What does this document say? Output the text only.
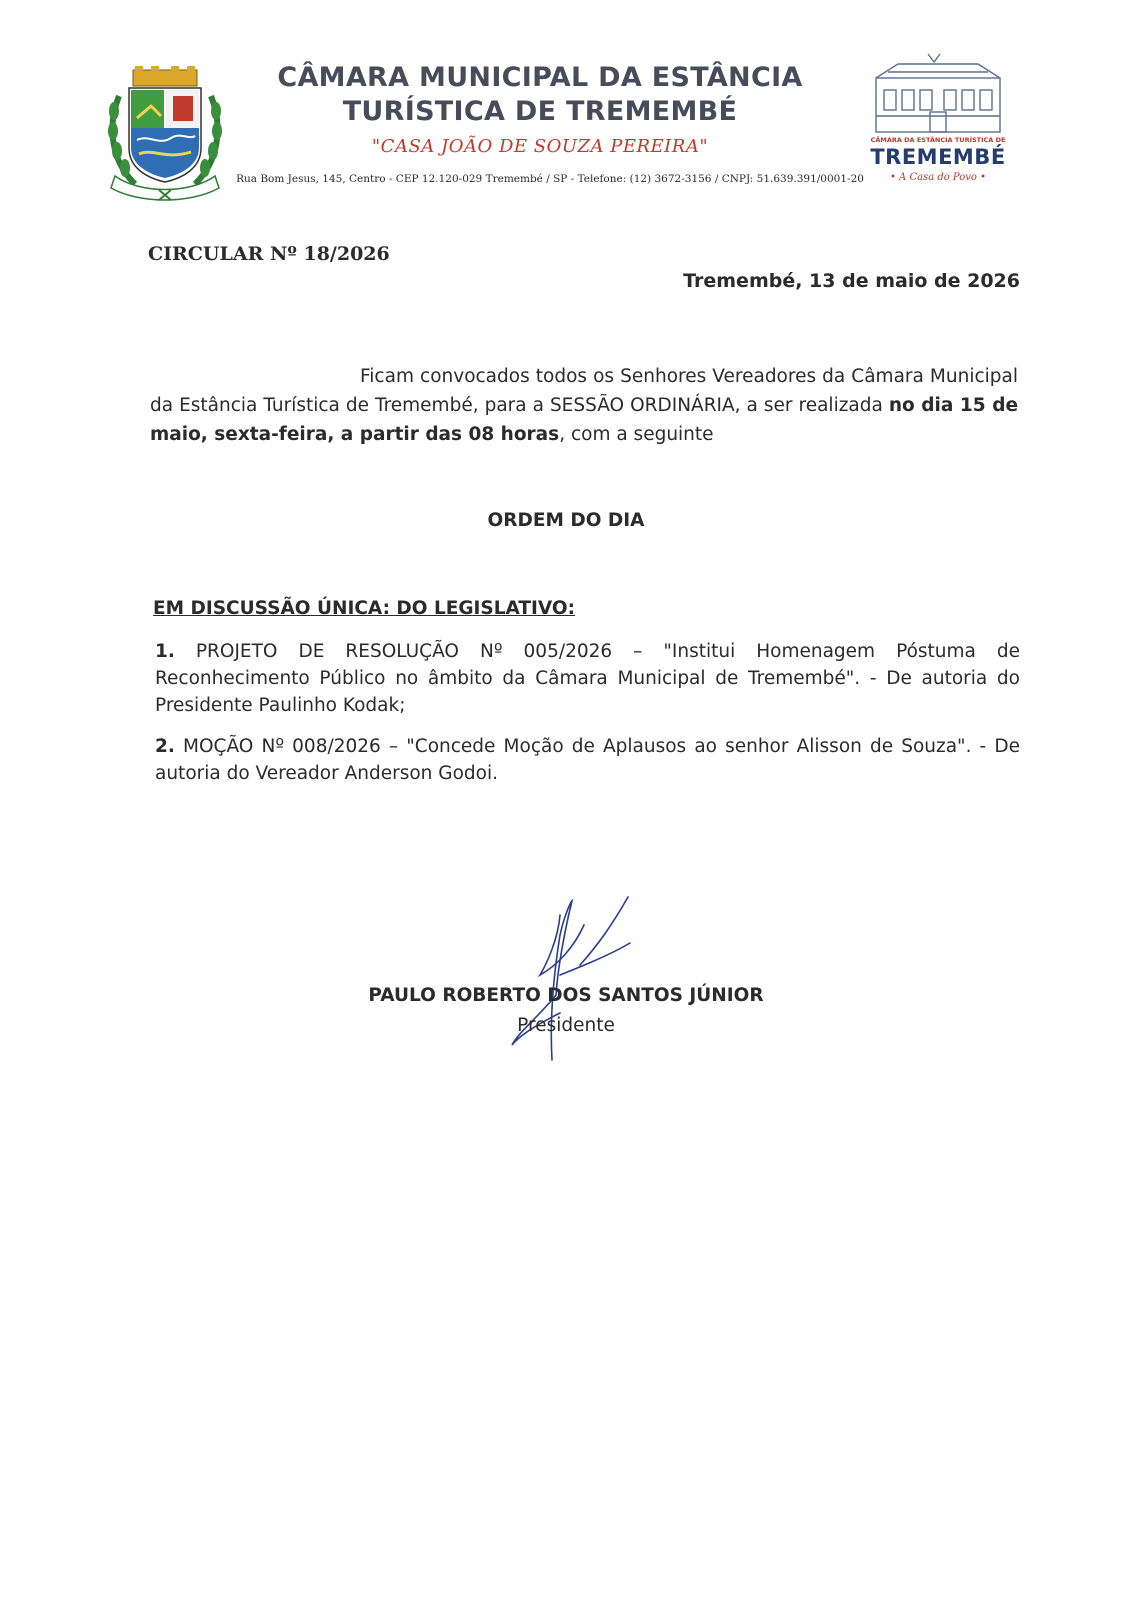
CÂMARA MUNICIPAL DA ESTÂNCIA
TURÍSTICA DE TREMEMBÉ
"CASA JOÃO DE SOUZA PEREIRA"
Rua Bom Jesus, 145, Centro - CEP 12.120-029 Tremembé / SP - Telefone: (12) 3672-3156 / CNPJ: 51.639.391/0001-20
CÂMARA DA ESTÂNCIA TURÍSTICA DE
TREMEMBÉ
• A Casa do Povo •
CIRCULAR Nº 18/2026
Tremembé, 13 de maio de 2026
Ficam convocados todos os Senhores Vereadores da Câmara Municipal da Estância Turística de Tremembé, para a SESSÃO ORDINÁRIA, a ser realizada no dia 15 de maio, sexta-feira, a partir das 08 horas, com a seguinte
ORDEM DO DIA
EM DISCUSSÃO ÚNICA: DO LEGISLATIVO:
1. PROJETO DE RESOLUÇÃO Nº 005/2026 – "Institui Homenagem Póstuma de Reconhecimento Público no âmbito da Câmara Municipal de Tremembé". - De autoria do Presidente Paulinho Kodak;
2. MOÇÃO Nº 008/2026 – "Concede Moção de Aplausos ao senhor Alisson de Souza". - De autoria do Vereador Anderson Godoi.
PAULO ROBERTO DOS SANTOS JÚNIOR
Presidente
